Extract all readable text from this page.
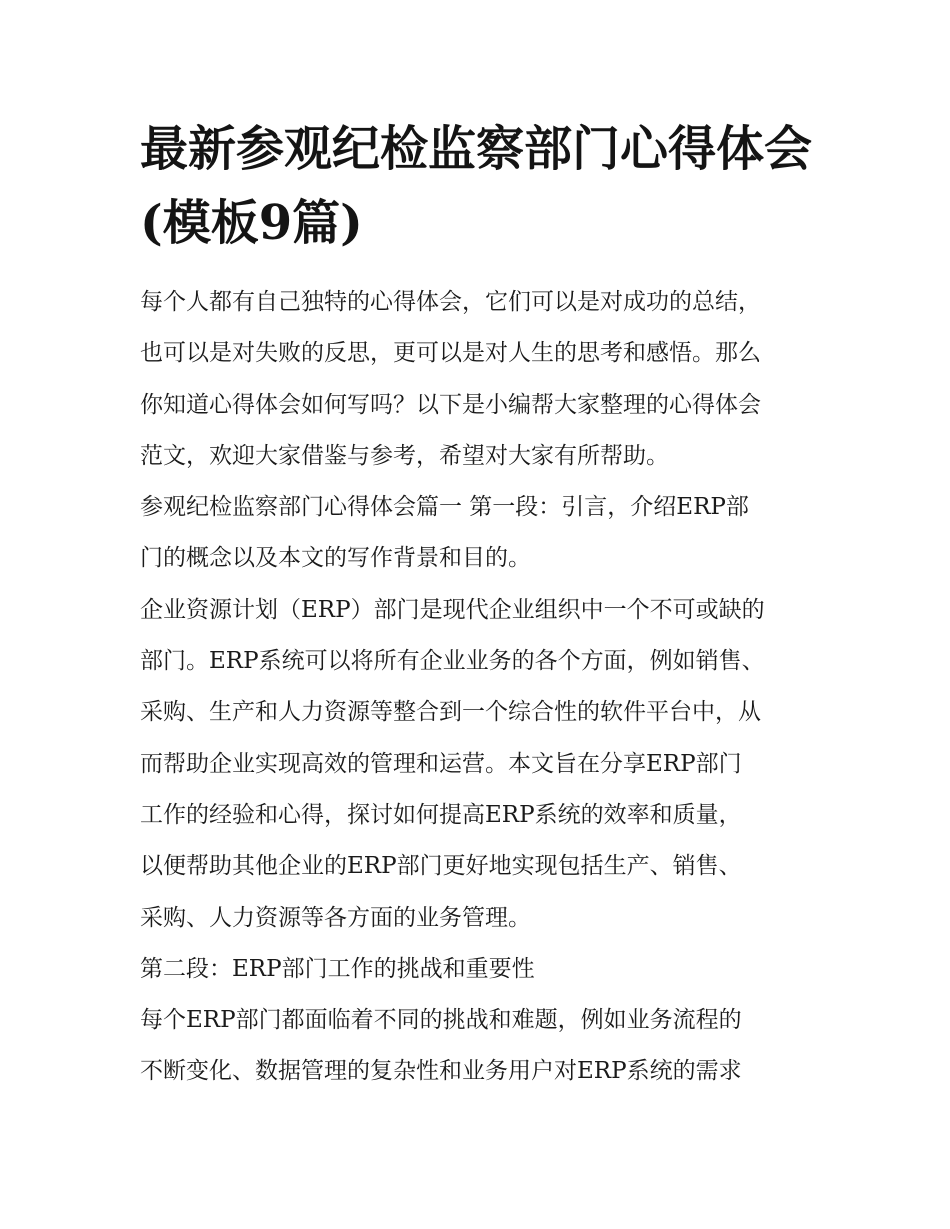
最新参观纪检监察部门心得体会(模板9篇)
每个人都有自己独特的心得体会，它们可以是对成功的总结，
也可以是对失败的反思，更可以是对人生的思考和感悟。那么
你知道心得体会如何写吗？以下是小编帮大家整理的心得体会
范文，欢迎大家借鉴与参考，希望对大家有所帮助。
参观纪检监察部门心得体会篇一 第一段：引言，介绍ERP部
门的概念以及本文的写作背景和目的。
企业资源计划（ERP）部门是现代企业组织中一个不可或缺的
部门。ERP系统可以将所有企业业务的各个方面，例如销售、
采购、生产和人力资源等整合到一个综合性的软件平台中，从
而帮助企业实现高效的管理和运营。本文旨在分享ERP部门
工作的经验和心得，探讨如何提高ERP系统的效率和质量，
以便帮助其他企业的ERP部门更好地实现包括生产、销售、
采购、人力资源等各方面的业务管理。
第二段：ERP部门工作的挑战和重要性
每个ERP部门都面临着不同的挑战和难题，例如业务流程的
不断变化、数据管理的复杂性和业务用户对ERP系统的需求
